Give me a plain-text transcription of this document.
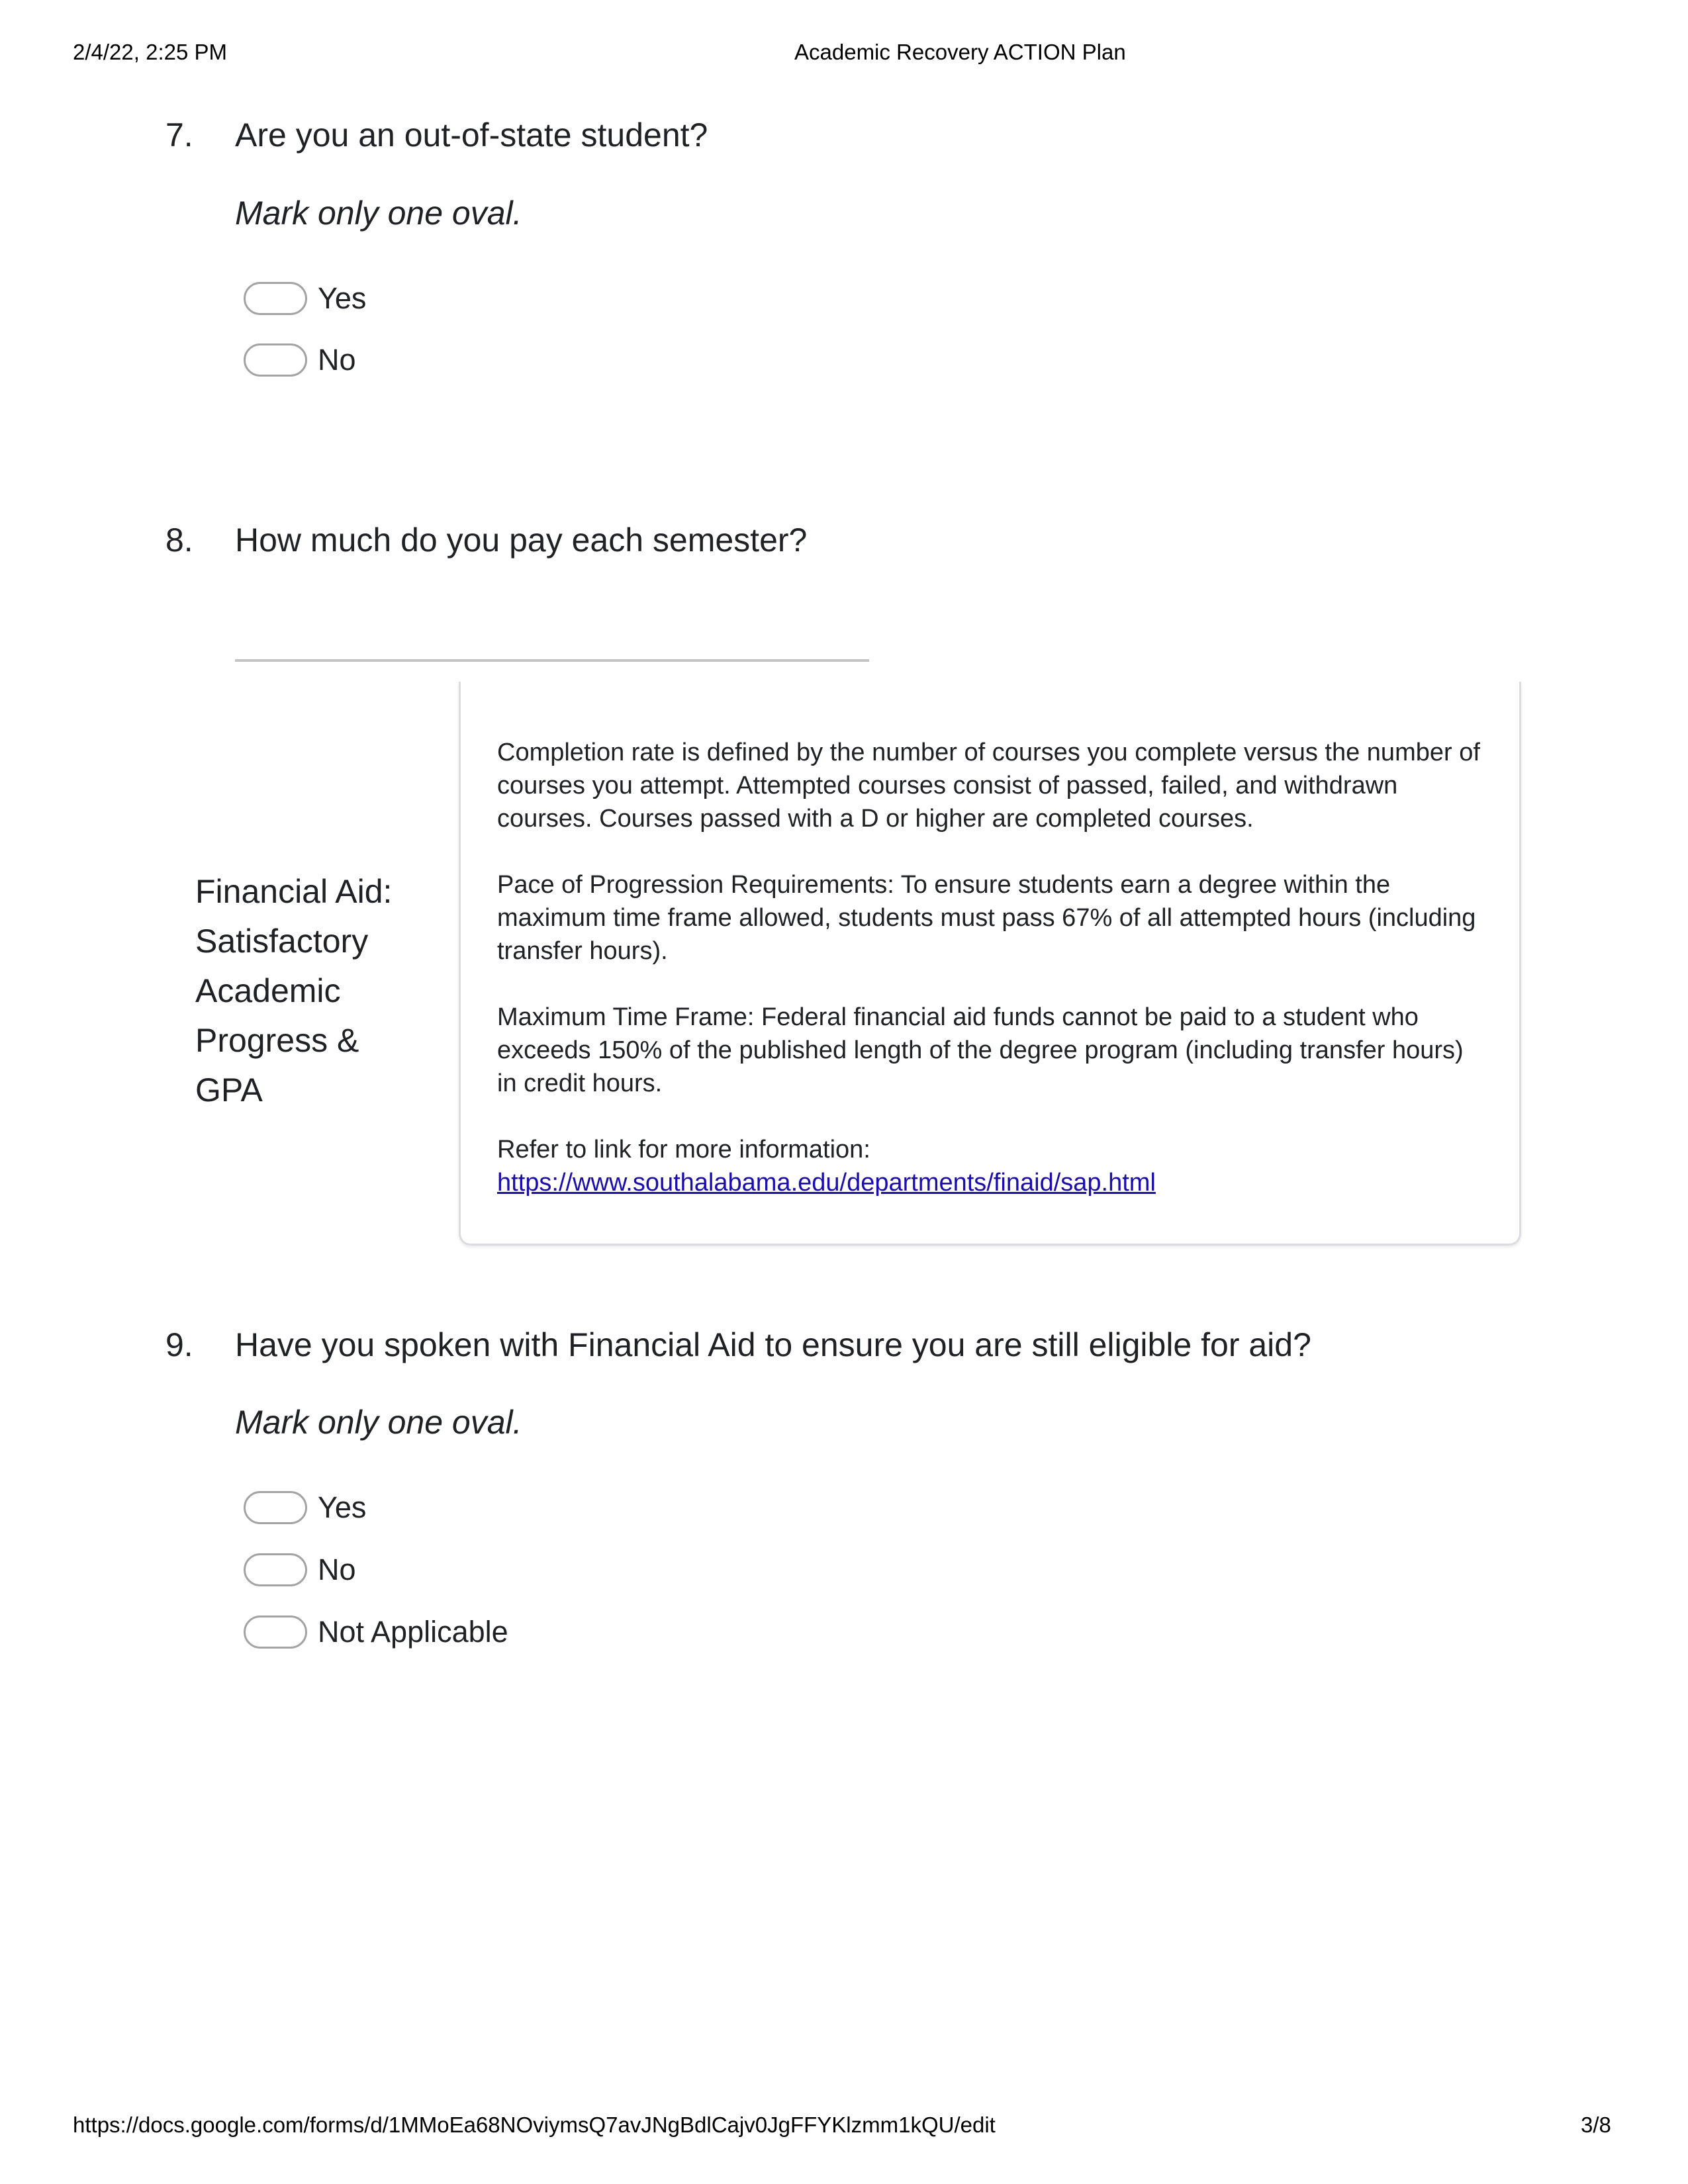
2/4/22, 2:25 PM	Academic Recovery ACTION Plan
7. Are you an out-of-state student?
Mark only one oval.
Yes
No
8. How much do you pay each semester?
Financial Aid: Satisfactory Academic Progress & GPA

Completion rate is defined by the number of courses you complete versus the number of courses you attempt. Attempted courses consist of passed, failed, and withdrawn courses. Courses passed with a D or higher are completed courses.

Pace of Progression Requirements: To ensure students earn a degree within the maximum time frame allowed, students must pass 67% of all attempted hours (including transfer hours).

Maximum Time Frame: Federal financial aid funds cannot be paid to a student who exceeds 150% of the published length of the degree program (including transfer hours) in credit hours.

Refer to link for more information:

https://www.southalabama.edu/departments/finaid/sap.html
9. Have you spoken with Financial Aid to ensure you are still eligible for aid?
Mark only one oval.
Yes
No
Not Applicable
https://docs.google.com/forms/d/1MMoEa68NOviymsQ7avJNgBdlCajv0JgFFYKlzmm1kQU/edit	3/8
